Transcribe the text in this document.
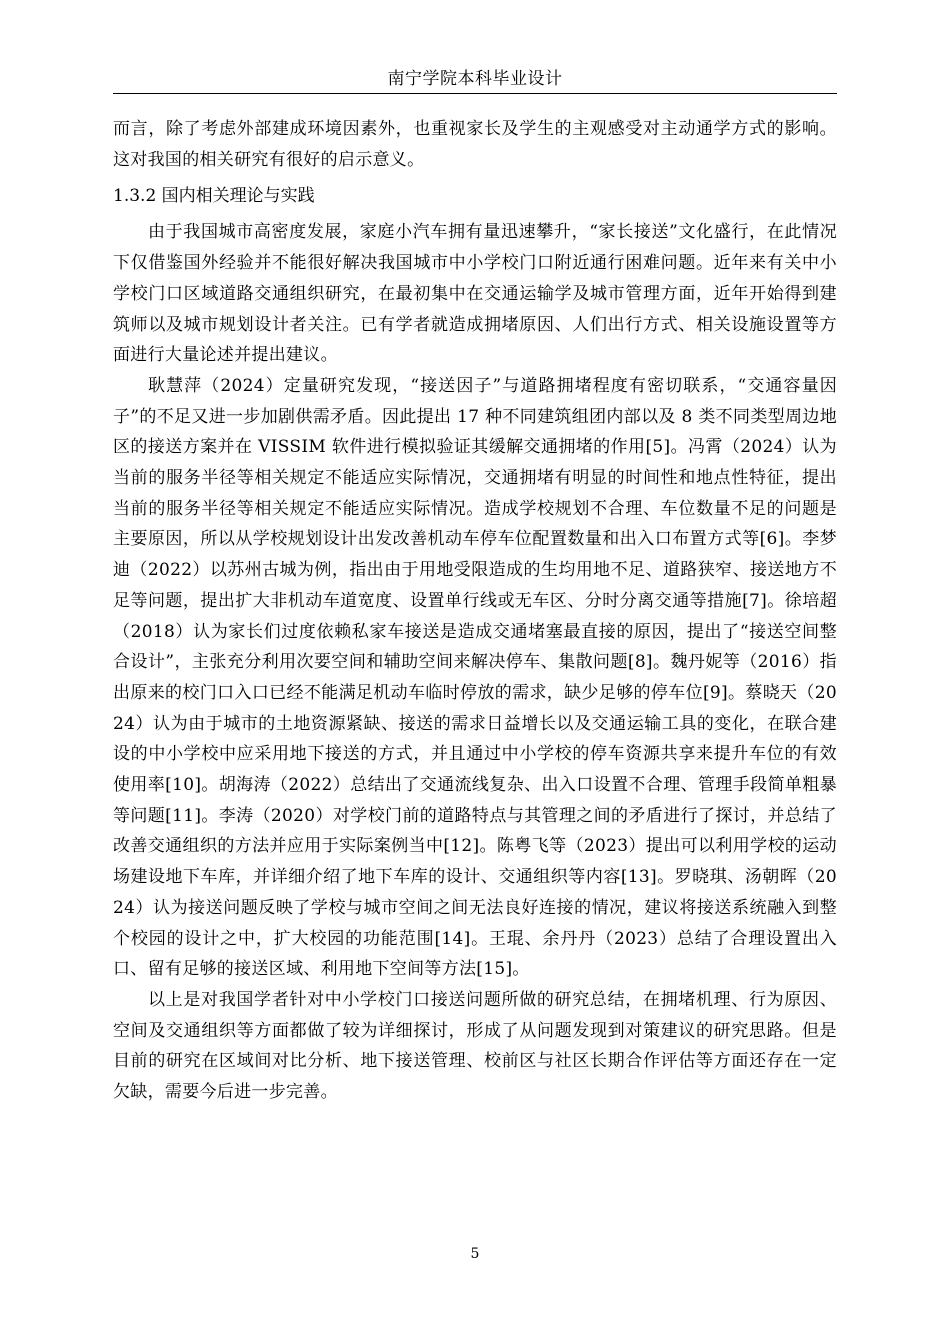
南宁学院本科毕业设计

而言，除了考虑外部建成环境因素外，也重视家长及学生的主观感受对主动通学方式的影响。这对我国的相关研究有很好的启示意义。

1.3.2 国内相关理论与实践

由于我国城市高密度发展，家庭小汽车拥有量迅速攀升，“家长接送”文化盛行，在此情况下仅借鉴国外经验并不能很好解决我国城市中小学校门口附近通行困难问题。近年来有关中小学校门口区域道路交通组织研究，在最初集中在交通运输学及城市管理方面，近年开始得到建筑师以及城市规划设计者关注。已有学者就造成拥堵原因、人们出行方式、相关设施设置等方面进行大量论述并提出建议。

耿慧萍（2024）定量研究发现，“接送因子”与道路拥堵程度有密切联系，“交通容量因子”的不足又进一步加剧供需矛盾。因此提出 17 种不同建筑组团内部以及 8 类不同类型周边地区的接送方案并在 VISSIM 软件进行模拟验证其缓解交通拥堵的作用[5]。冯霄（2024）认为当前的服务半径等相关规定不能适应实际情况，交通拥堵有明显的时间性和地点性特征，提出当前的服务半径等相关规定不能适应实际情况。造成学校规划不合理、车位数量不足的问题是主要原因，所以从学校规划设计出发改善机动车停车位配置数量和出入口布置方式等[6]。李梦迪（2022）以苏州古城为例，指出由于用地受限造成的生均用地不足、道路狭窄、接送地方不足等问题，提出扩大非机动车道宽度、设置单行线或无车区、分时分离交通等措施[7]。徐培超（2018）认为家长们过度依赖私家车接送是造成交通堵塞最直接的原因，提出了“接送空间整合设计”，主张充分利用次要空间和辅助空间来解决停车、集散问题[8]。魏丹妮等（2016）指出原来的校门口入口已经不能满足机动车临时停放的需求，缺少足够的停车位[9]。蔡晓天（2024）认为由于城市的土地资源紧缺、接送的需求日益增长以及交通运输工具的变化，在联合建设的中小学校中应采用地下接送的方式，并且通过中小学校的停车资源共享来提升车位的有效使用率[10]。胡海涛（2022）总结出了交通流线复杂、出入口设置不合理、管理手段简单粗暴等问题[11]。李涛（2020）对学校门前的道路特点与其管理之间的矛盾进行了探讨，并总结了改善交通组织的方法并应用于实际案例当中[12]。陈粤飞等（2023）提出可以利用学校的运动场建设地下车库，并详细介绍了地下车库的设计、交通组织等内容[13]。罗晓琪、汤朝晖（2024）认为接送问题反映了学校与城市空间之间无法良好连接的情况，建议将接送系统融入到整个校园的设计之中，扩大校园的功能范围[14]。王琨、余丹丹（2023）总结了合理设置出入口、留有足够的接送区域、利用地下空间等方法[15]。

以上是对我国学者针对中小学校门口接送问题所做的研究总结，在拥堵机理、行为原因、空间及交通组织等方面都做了较为详细探讨，形成了从问题发现到对策建议的研究思路。但是目前的研究在区域间对比分析、地下接送管理、校前区与社区长期合作评估等方面还存在一定欠缺，需要今后进一步完善。

5
